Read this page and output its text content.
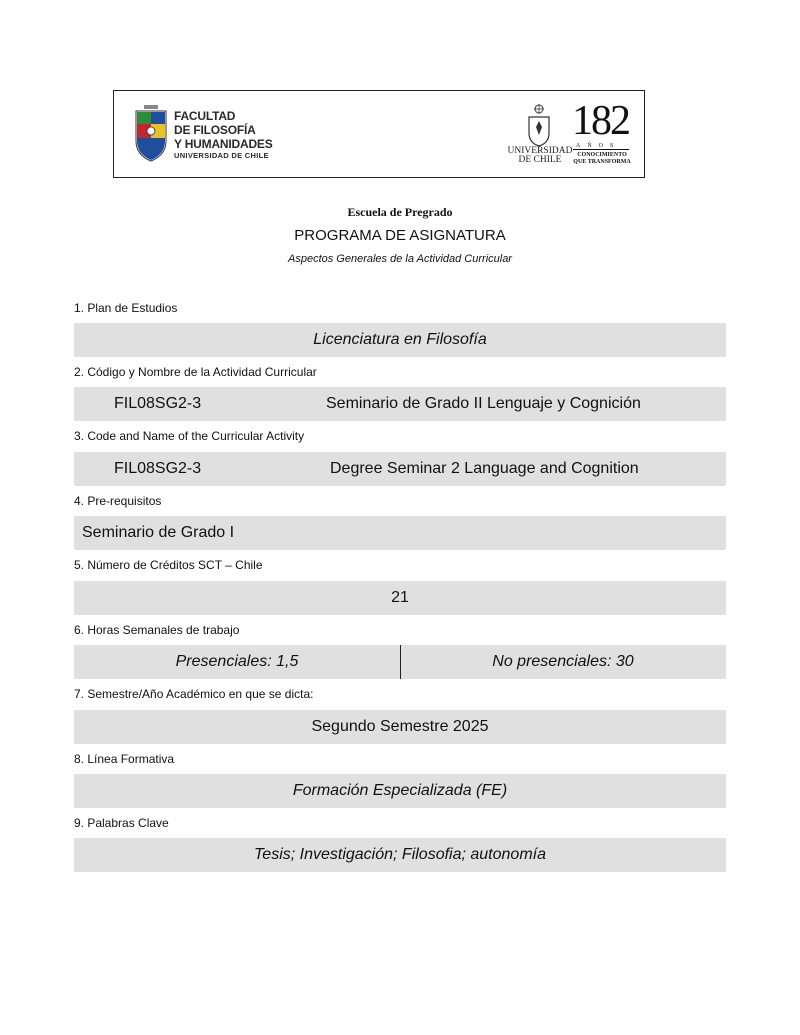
FACULTAD
DE FILOSOFÍA
Y HUMANIDADES
UNIVERSIDAD DE CHILE	UNIVERSIDAD
DE CHILE
182
AÑOS
CONOCIMIENTO
QUE TRANSFORMA
Escuela de Pregrado
PROGRAMA DE ASIGNATURA
Aspectos Generales de la Actividad Curricular
1. Plan de Estudios
Licenciatura en Filosofía
2. Código y Nombre de la Actividad Curricular
FIL08SG2-3	Seminario de Grado II Lenguaje y Cognición
3. Code and Name of the Curricular Activity
FIL08SG2-3	Degree Seminar 2 Language and Cognition
4. Pre-requisitos
Seminario de Grado I
5. Número de Créditos SCT – Chile
21
6. Horas Semanales de trabajo
Presenciales: 1,5	No presenciales: 30
7. Semestre/Año Académico en que se dicta:
Segundo Semestre 2025
8. Línea Formativa
Formación Especializada (FE)
9. Palabras Clave
Tesis; Investigación; Filosofia; autonomía
